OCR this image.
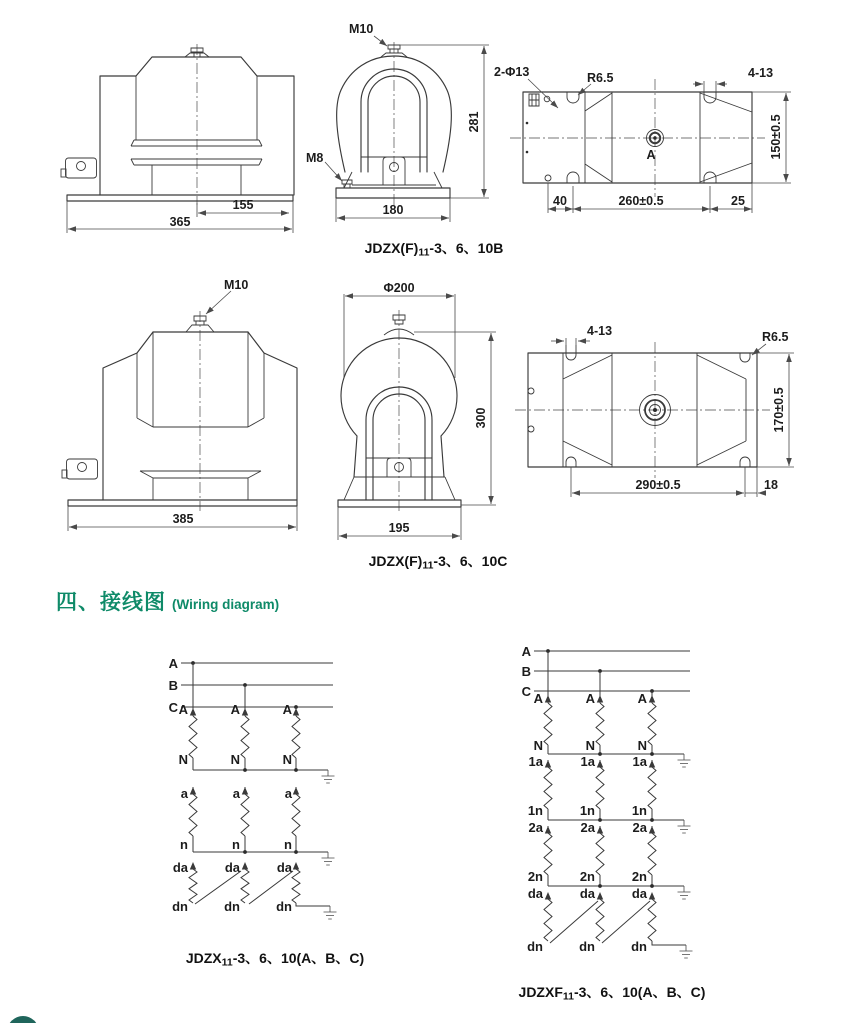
155
365
M10
M8
281
180
A
2-Φ13	R6.5	4-13
150±0.5
40	260±0.5	25
JDZX(F)11-3、6、10B
M10
385
Φ200
300
195
4-13	R6.5
170±0.5
290±0.5	18
JDZX(F)11-3、6、10C
A
B
C A	A	A
N	N	N
a	a	a
n	n	n
da	da	da
dn	dn	dn
JDZX11-3、6、10(A、B、C)
A
B
C A	A	A
N	N	N
1a	1a	1a
1n	1n	1n
2a	2a	2a
2n	2n	2n
da	da	da
dn	dn	dn
JDZXF11-3、6、10(A、B、C)
四、接线图 (Wiring diagram)
